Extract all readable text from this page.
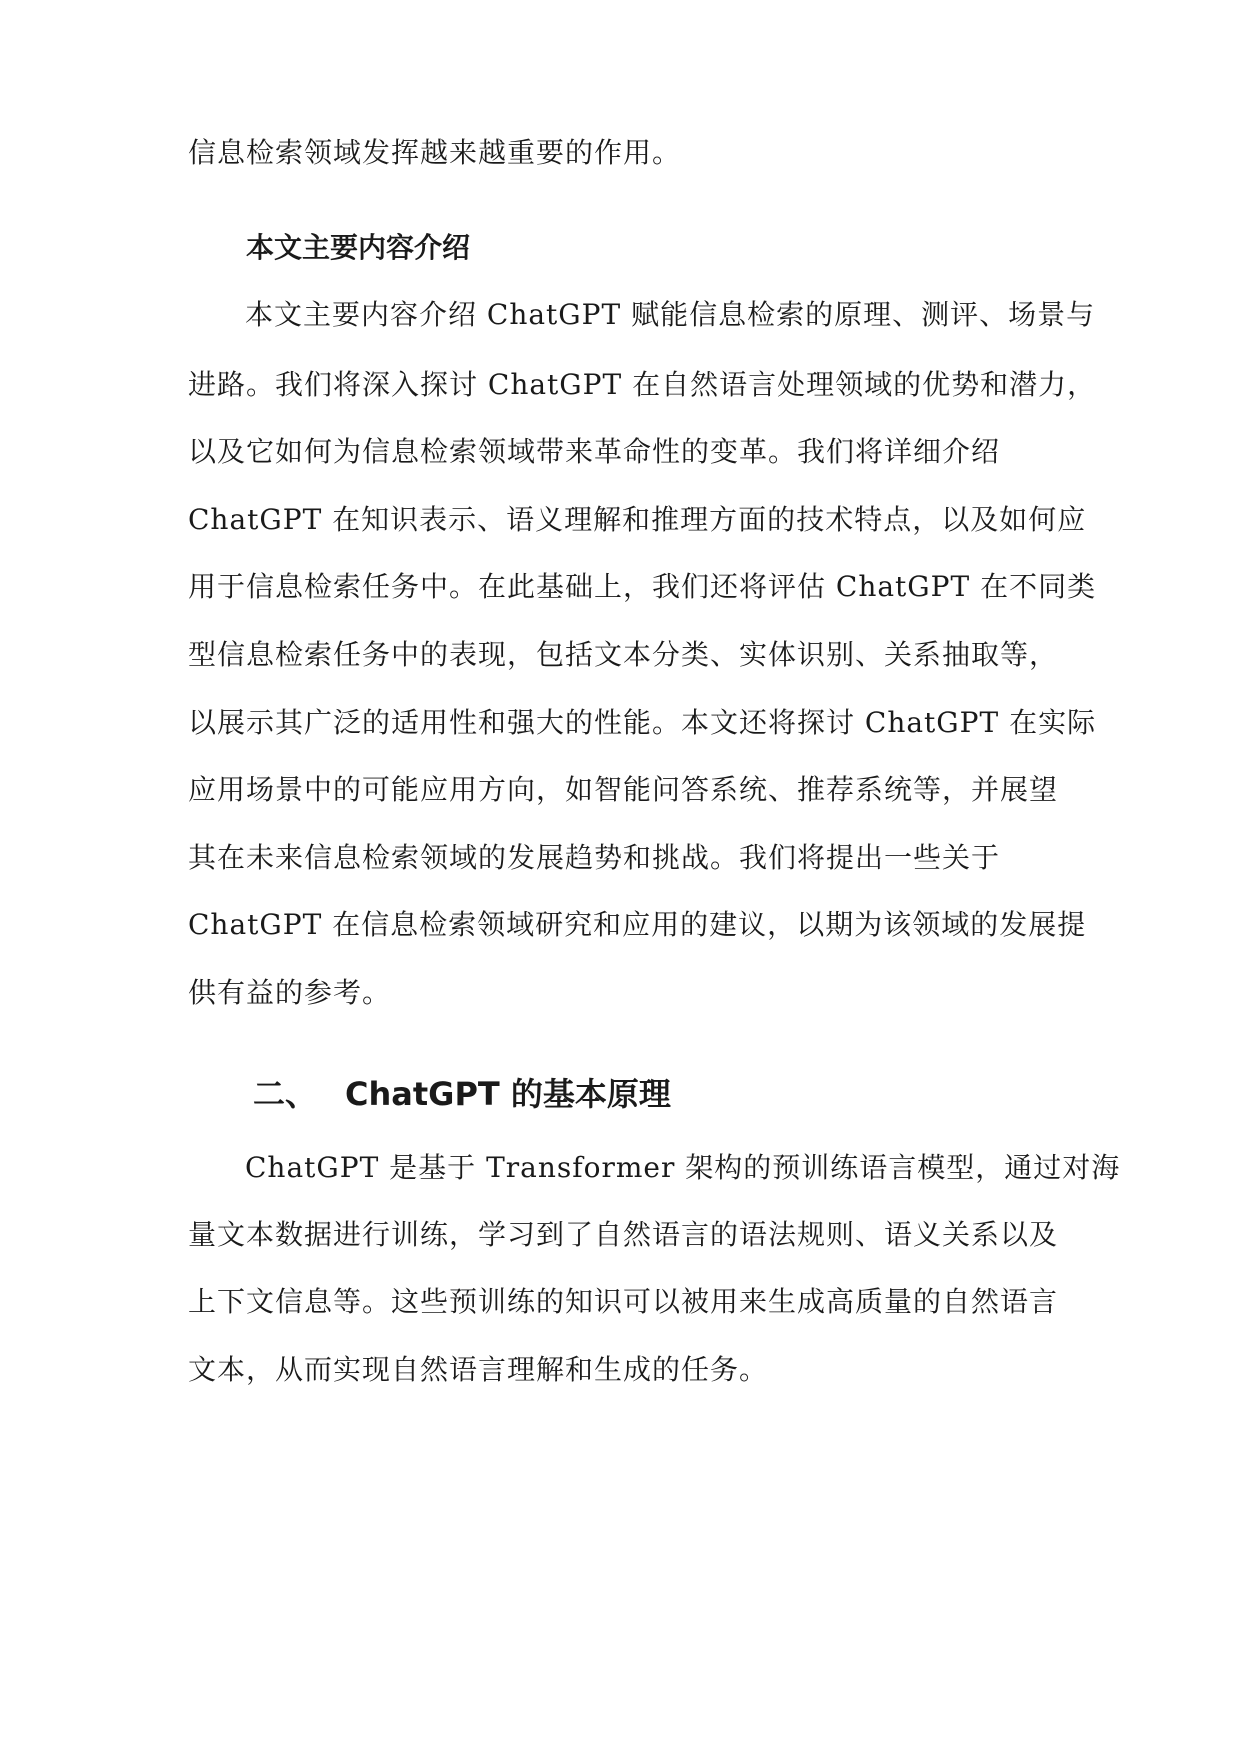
信息检索领域发挥越来越重要的作用。
本文主要内容介绍
本文主要内容介绍 ChatGPT 赋能信息检索的原理、测评、场景与
进路。我们将深入探讨 ChatGPT 在自然语言处理领域的优势和潜力，
以及它如何为信息检索领域带来革命性的变革。我们将详细介绍
ChatGPT 在知识表示、语义理解和推理方面的技术特点，以及如何应
用于信息检索任务中。在此基础上，我们还将评估 ChatGPT 在不同类
型信息检索任务中的表现，包括文本分类、实体识别、关系抽取等，
以展示其广泛的适用性和强大的性能。本文还将探讨 ChatGPT 在实际
应用场景中的可能应用方向，如智能问答系统、推荐系统等，并展望
其在未来信息检索领域的发展趋势和挑战。我们将提出一些关于
ChatGPT 在信息检索领域研究和应用的建议，以期为该领域的发展提
供有益的参考。
二、 ChatGPT 的基本原理
ChatGPT 是基于 Transformer 架构的预训练语言模型，通过对海
量文本数据进行训练，学习到了自然语言的语法规则、语义关系以及
上下文信息等。这些预训练的知识可以被用来生成高质量的自然语言
文本，从而实现自然语言理解和生成的任务。
